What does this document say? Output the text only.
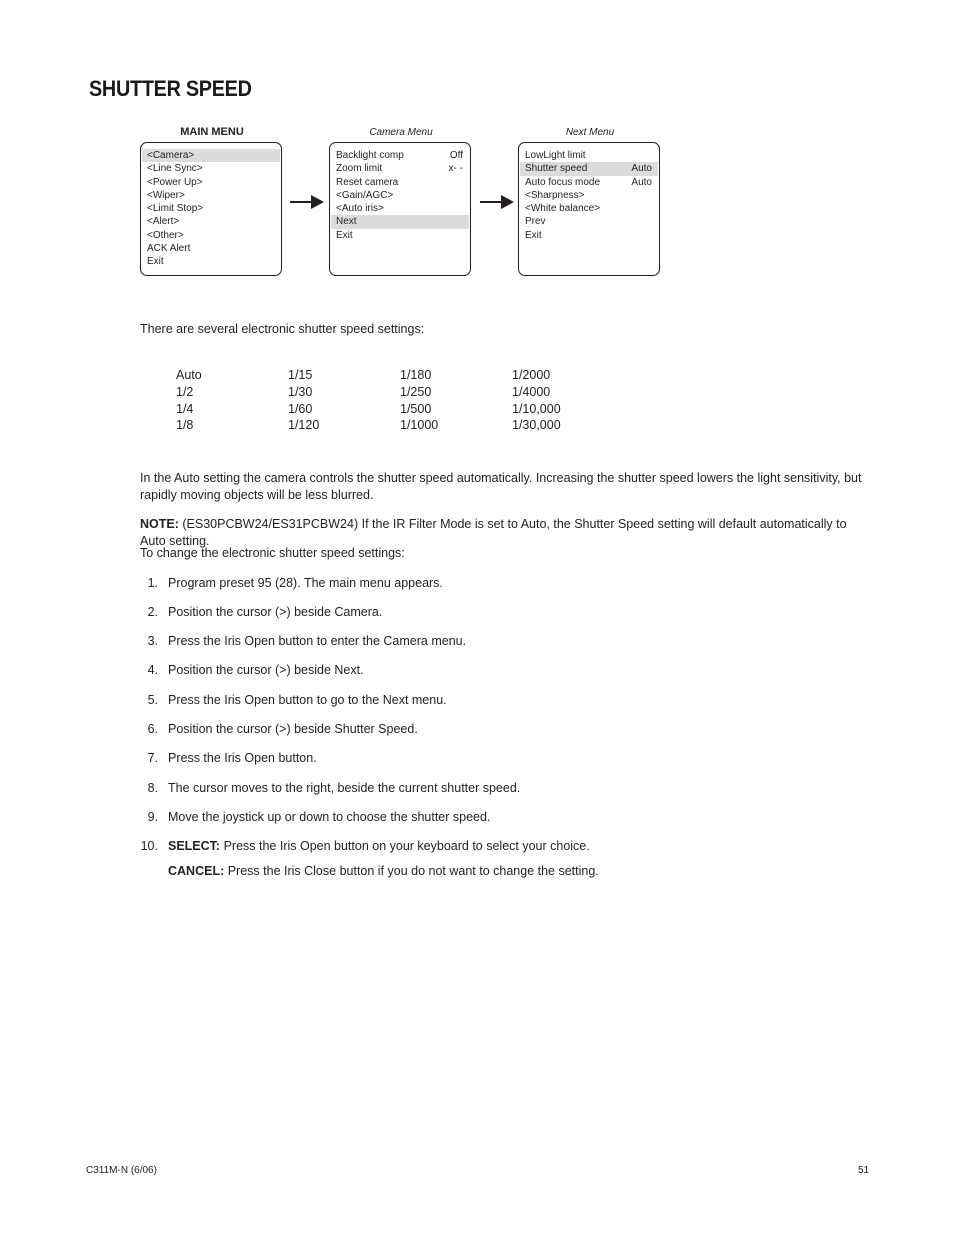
SHUTTER SPEED
MAIN MENU	Camera Menu	Next Menu
<Camera>
<Line Sync>
<Power Up>
<Wiper>
<Limit Stop>
<Alert>
<Other>
ACK Alert
Exit
Backlight comp	Off
Zoom limit	x- -
Reset camera
<Gain/AGC>
<Auto iris>
Next
Exit
LowLight limit
Shutter speed	Auto
Auto focus mode	Auto
<Sharpness>
<White balance>
Prev
Exit
There are several electronic shutter speed settings:
Auto	1/15	1/180	1/2000
1/2	1/30	1/250	1/4000
1/4	1/60	1/500	1/10,000
1/8	1/120	1/1000	1/30,000
In the Auto setting the camera controls the shutter speed automatically. Increasing the shutter speed lowers the light sensitivity, but rapidly moving objects will be less blurred.
NOTE: (ES30PCBW24/ES31PCBW24) If the IR Filter Mode is set to Auto, the Shutter Speed setting will default automatically to Auto setting.
To change the electronic shutter speed settings:
1. Program preset 95 (28). The main menu appears.
2. Position the cursor (>) beside Camera.
3. Press the Iris Open button to enter the Camera menu.
4. Position the cursor (>) beside Next.
5. Press the Iris Open button to go to the Next menu.
6. Position the cursor (>) beside Shutter Speed.
7. Press the Iris Open button.
8. The cursor moves to the right, beside the current shutter speed.
9. Move the joystick up or down to choose the shutter speed.
10. SELECT: Press the Iris Open button on your keyboard to select your choice.
CANCEL: Press the Iris Close button if you do not want to change the setting.
C311M-N (6/06)	51
